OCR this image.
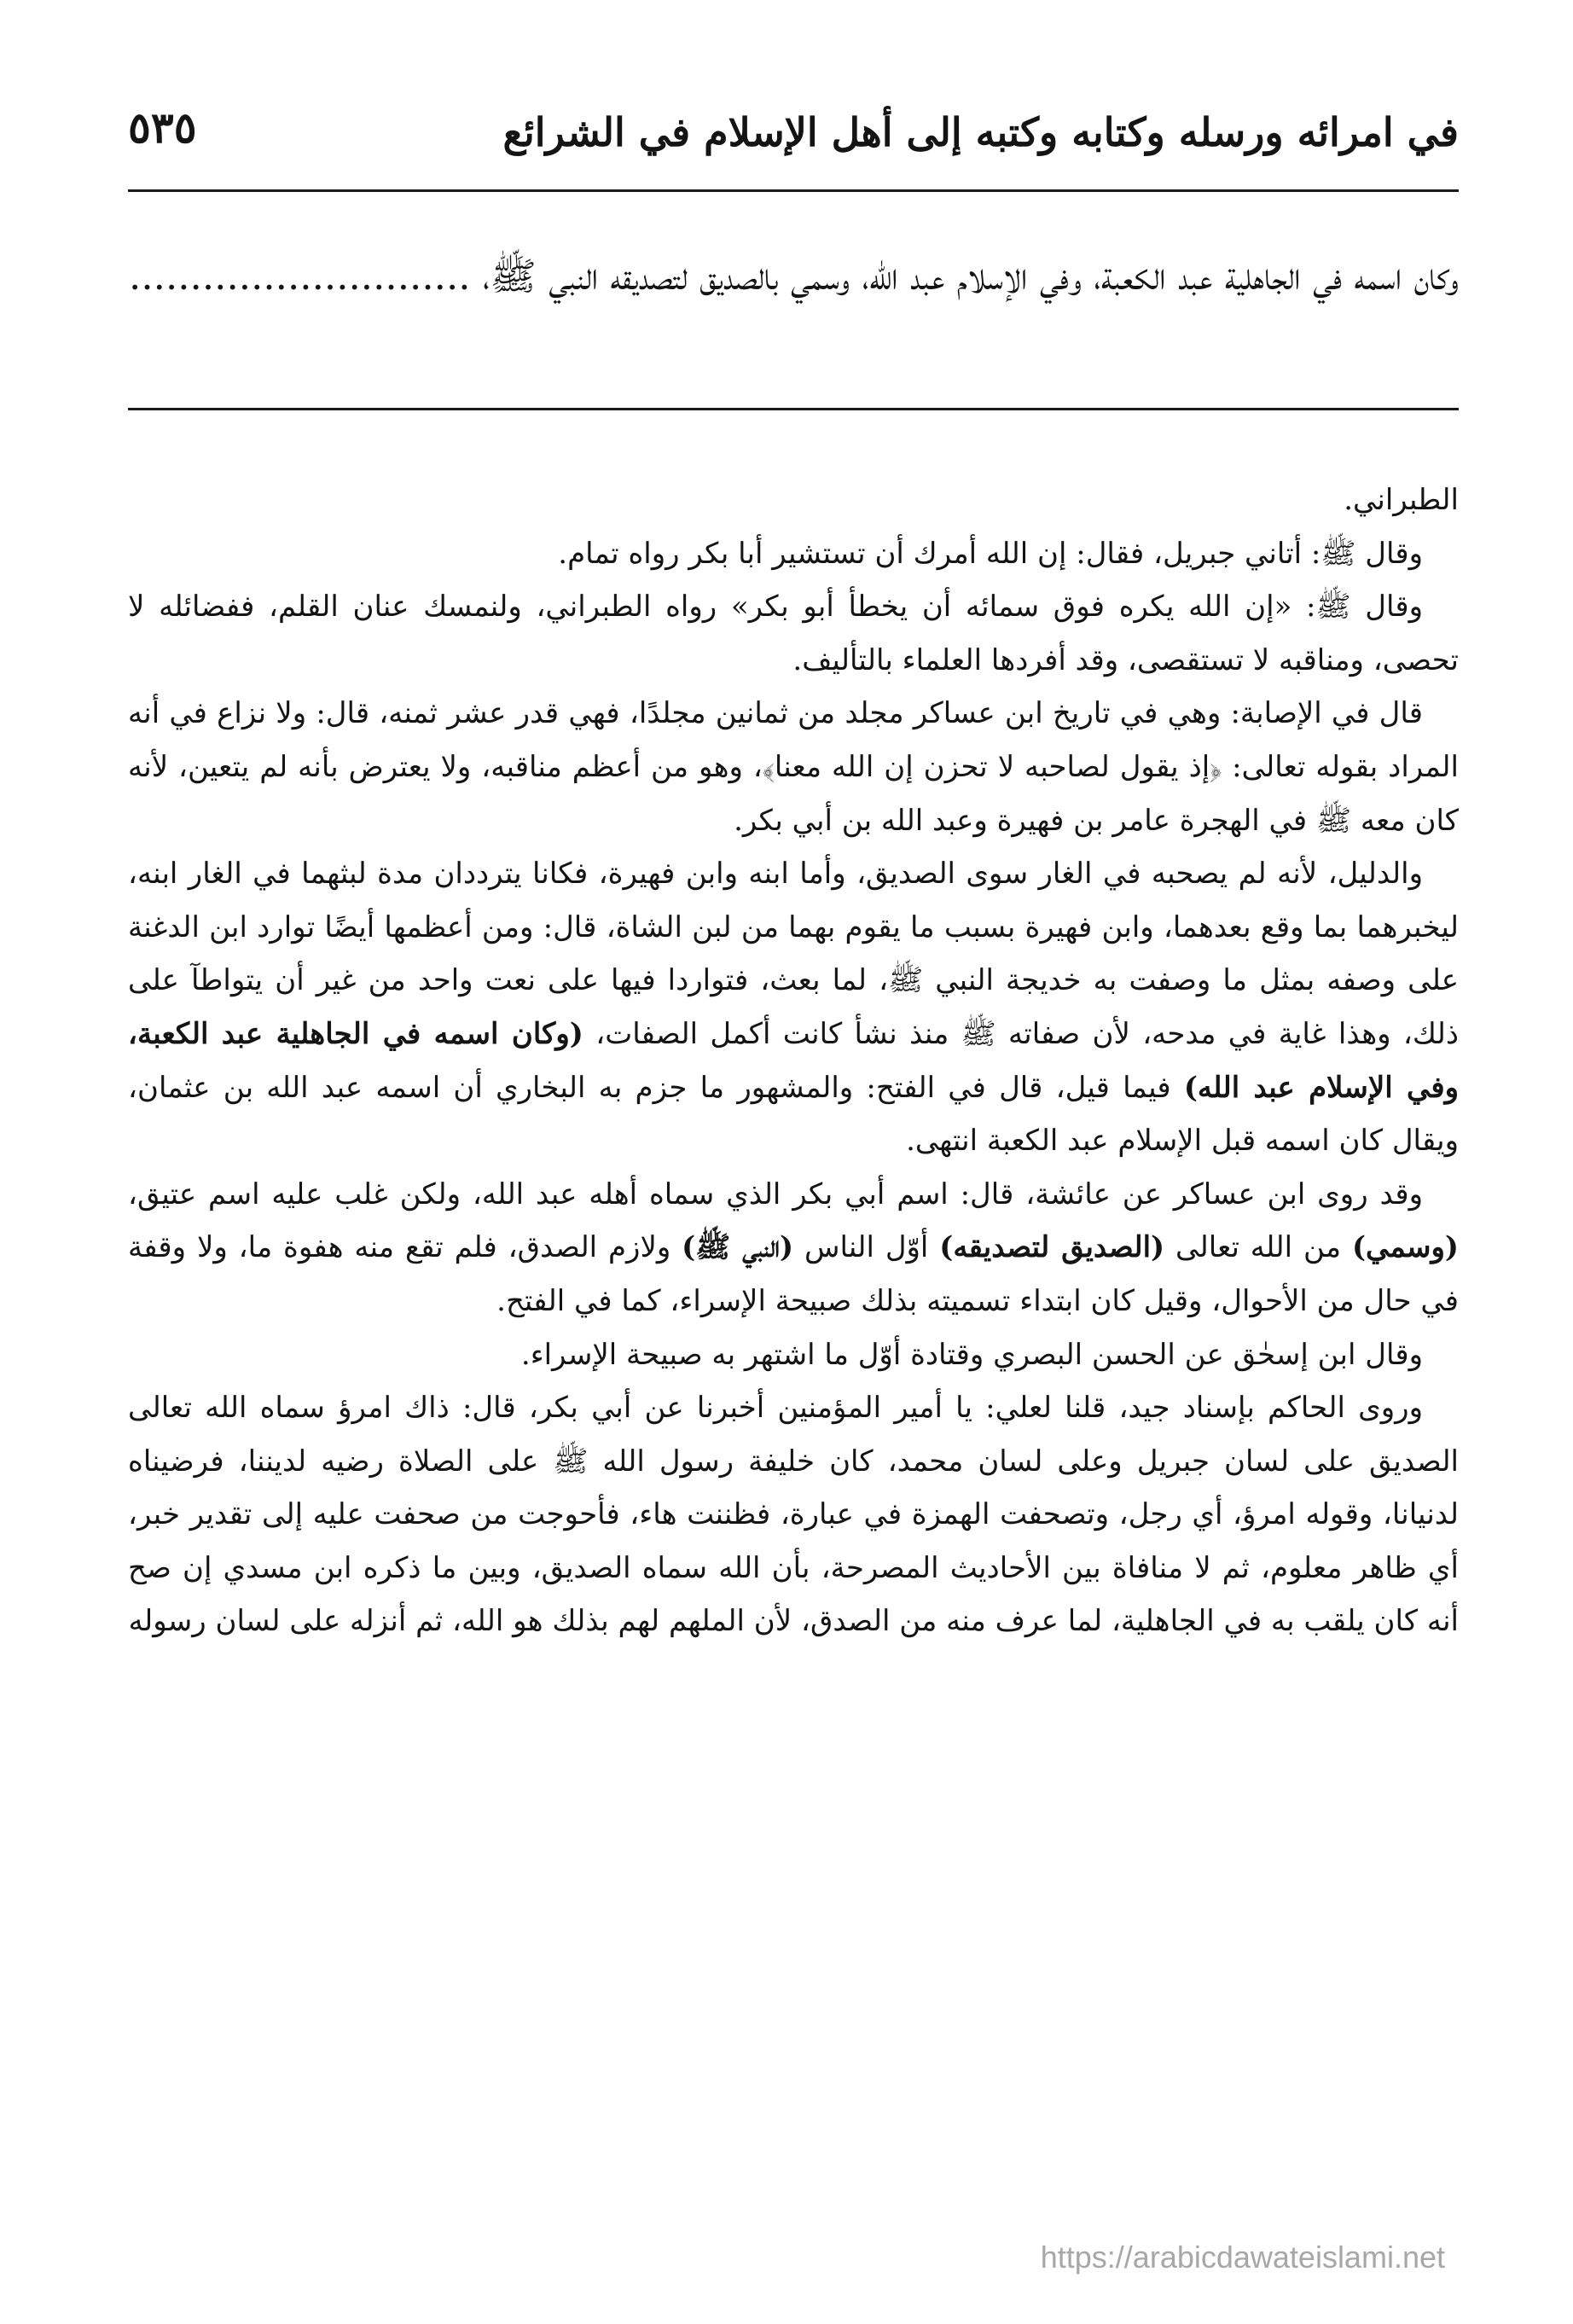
في امرائه ورسله وكتابه وكتبه إلى أهل الإسلام في الشرائع
٥٣٥

وكان اسمه في الجاهلية عبد الكعبة، وفي الإسلام عبد الله، وسمي بالصديق لتصديقه النبي ﷺ، ............................

الطبراني.

وقال ﷺ: أتاني جبريل، فقال: إن الله أمرك أن تستشير أبا بكر رواه تمام.

وقال ﷺ: «إن الله يكره فوق سمائه أن يخطأ أبو بكر» رواه الطبراني، ولنمسك عنان القلم، ففضائله لا تحصى، ومناقبه لا تستقصى، وقد أفردها العلماء بالتأليف.

قال في الإصابة: وهي في تاريخ ابن عساكر مجلد من ثمانين مجلدًا، فهي قدر عشر ثمنه، قال: ولا نزاع في أنه المراد بقوله تعالى: ﴿إذ يقول لصاحبه لا تحزن إن الله معنا﴾، وهو من أعظم مناقبه، ولا يعترض بأنه لم يتعين، لأنه كان معه ﷺ في الهجرة عامر بن فهيرة وعبد الله بن أبي بكر.

والدليل، لأنه لم يصحبه في الغار سوى الصديق، وأما ابنه وابن فهيرة، فكانا يترددان مدة لبثهما في الغار ابنه، ليخبرهما بما وقع بعدهما، وابن فهيرة بسبب ما يقوم بهما من لبن الشاة، قال: ومن أعظمها أيضًا توارد ابن الدغنة على وصفه بمثل ما وصفت به خديجة النبي ﷺ، لما بعث، فتواردا فيها على نعت واحد من غير أن يتواطآ على ذلك، وهذا غاية في مدحه، لأن صفاته ﷺ منذ نشأ كانت أكمل الصفات، (وكان اسمه في الجاهلية عبد الكعبة، وفي الإسلام عبد الله) فيما قيل، قال في الفتح: والمشهور ما جزم به البخاري أن اسمه عبد الله بن عثمان، ويقال كان اسمه قبل الإسلام عبد الكعبة انتهى.

وقد روى ابن عساكر عن عائشة، قال: اسم أبي بكر الذي سماه أهله عبد الله، ولكن غلب عليه اسم عتيق، (وسمي) من الله تعالى (الصديق لتصديقه) أوّل الناس (النبي ﷺ) ولازم الصدق، فلم تقع منه هفوة ما، ولا وقفة في حال من الأحوال، وقيل كان ابتداء تسميته بذلك صبيحة الإسراء، كما في الفتح.

وقال ابن إسحٰق عن الحسن البصري وقتادة أوّل ما اشتهر به صبيحة الإسراء.

وروى الحاكم بإسناد جيد، قلنا لعلي: يا أمير المؤمنين أخبرنا عن أبي بكر، قال: ذاك امرؤ سماه الله تعالى الصديق على لسان جبريل وعلى لسان محمد، كان خليفة رسول الله ﷺ على الصلاة رضيه لديننا، فرضيناه لدنيانا، وقوله امرؤ، أي رجل، وتصحفت الهمزة في عبارة، فظننت هاء، فأحوجت من صحفت عليه إلى تقدير خبر، أي ظاهر معلوم، ثم لا منافاة بين الأحاديث المصرحة، بأن الله سماه الصديق، وبين ما ذكره ابن مسدي إن صح أنه كان يلقب به في الجاهلية، لما عرف منه من الصدق، لأن الملهم لهم بذلك هو الله، ثم أنزله على لسان رسوله

https://arabicdawateislami.net
